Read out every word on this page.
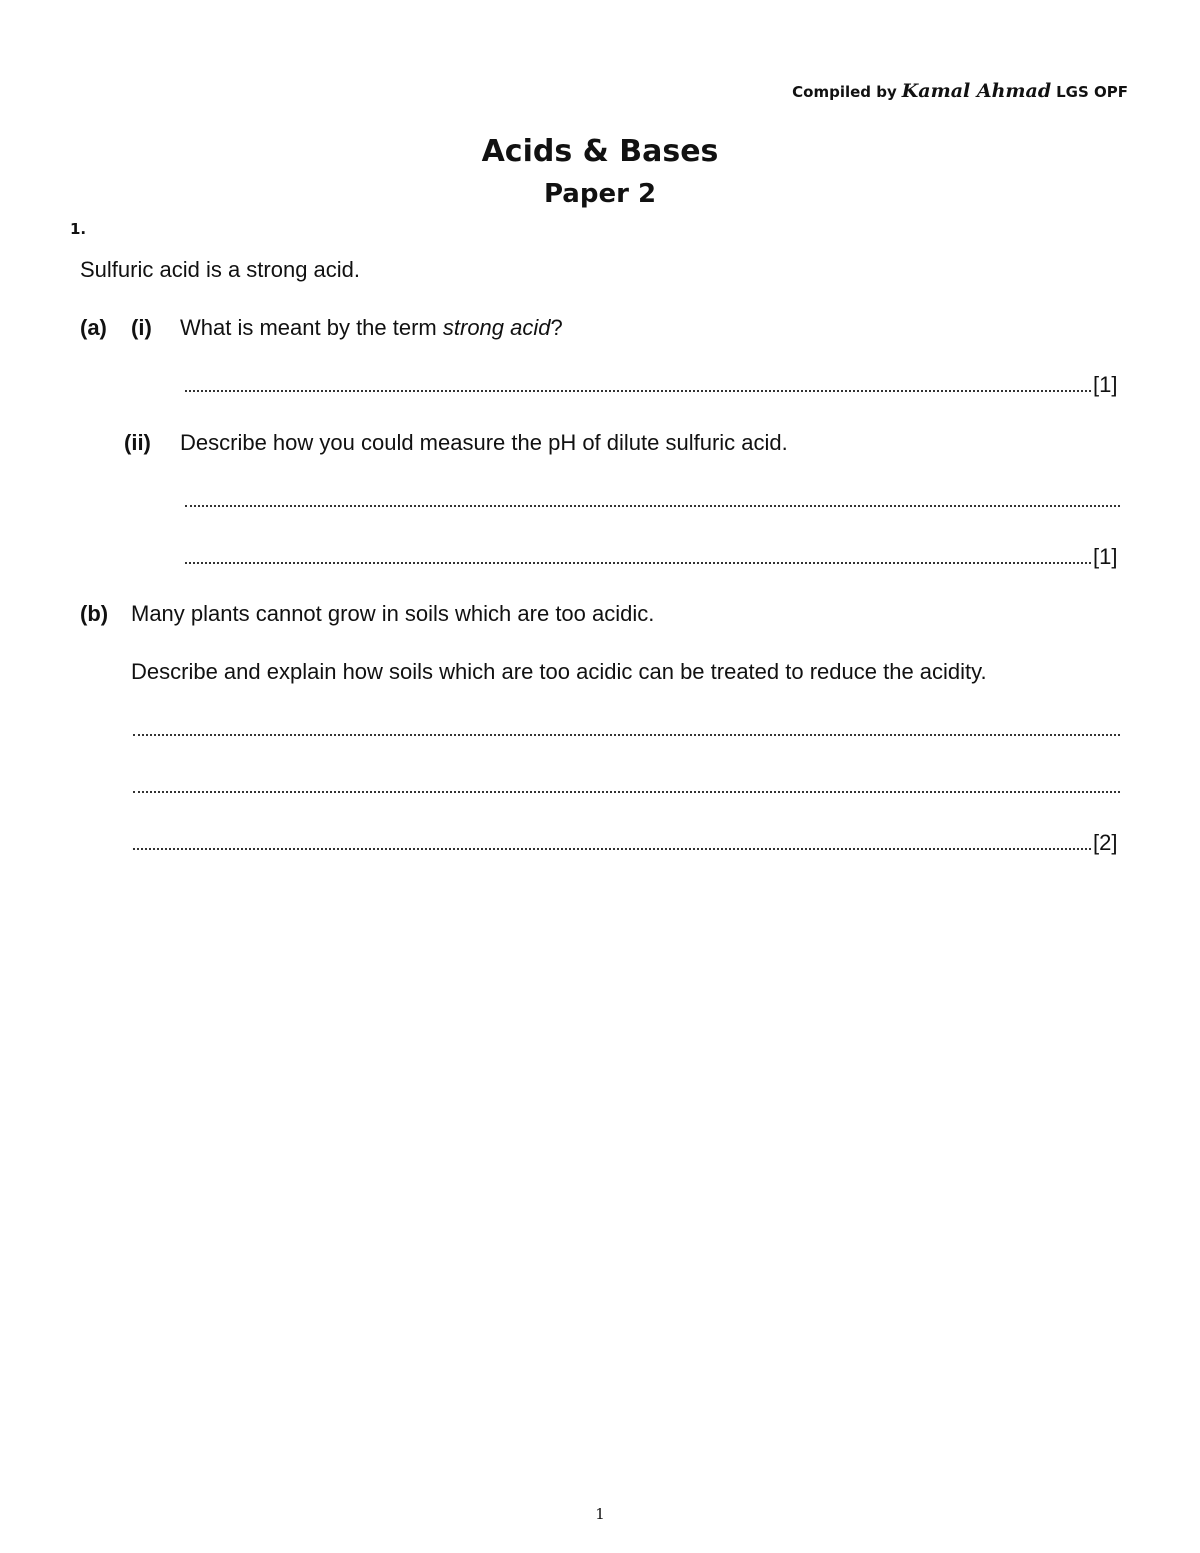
Compiled by Kamal Ahmad LGS OPF
Acids & Bases
Paper 2
1.
Sulfuric acid is a strong acid.
(a) (i) What is meant by the term strong acid?
[1]
(ii) Describe how you could measure the pH of dilute sulfuric acid.
[1]
(b) Many plants cannot grow in soils which are too acidic.
Describe and explain how soils which are too acidic can be treated to reduce the acidity.
[2]
1
